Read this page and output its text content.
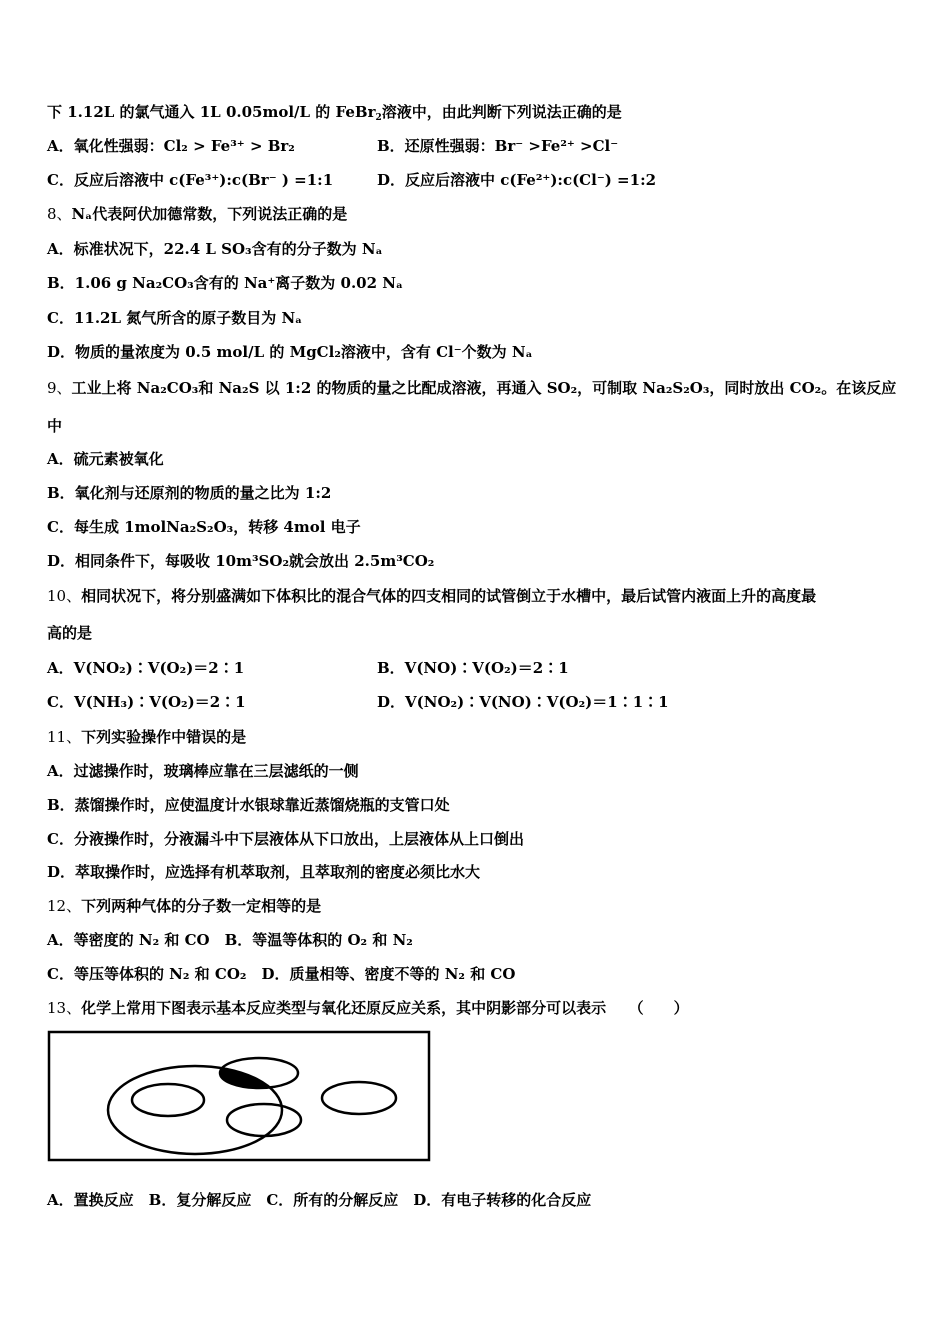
下 1.12L 的氯气通入 1L 0.05mol/L 的 FeBr$_2$溶液中，由此判断下列说法正确的是
A．氧化性强弱：Cl₂ > Fe³⁺ > Br₂	B．还原性强弱：Br⁻ >Fe²⁺ >Cl⁻
C．反应后溶液中 c(Fe³⁺):c(Br⁻ ) =1:1	D．反应后溶液中 c(Fe²⁺):c(Cl⁻) =1:2
8、Nₐ代表阿伏加德常数，下列说法正确的是
A．标准状况下，22.4 L SO₃含有的分子数为 Nₐ
B．1.06 g Na₂CO₃含有的 Na⁺离子数为 0.02 Nₐ
C．11.2L 氮气所含的原子数目为 Nₐ
D．物质的量浓度为 0.5 mol/L 的 MgCl₂溶液中，含有 Cl⁻个数为 Nₐ
9、工业上将 Na₂CO₃和 Na₂S 以 1:2 的物质的量之比配成溶液，再通入 SO₂，可制取 Na₂S₂O₃，同时放出 CO₂。在该反应
中
A．硫元素被氧化
B．氧化剂与还原剂的物质的量之比为 1:2
C．每生成 1molNa₂S₂O₃，转移 4mol 电子
D．相同条件下，每吸收 10m³SO₂就会放出 2.5m³CO₂
10、相同状况下，将分别盛满如下体积比的混合气体的四支相同的试管倒立于水槽中，最后试管内液面上升的高度最
高的是
A．V(NO₂)∶V(O₂)＝2∶1	B．V(NO)∶V(O₂)＝2∶1
C．V(NH₃)∶V(O₂)＝2∶1	D．V(NO₂)∶V(NO)∶V(O₂)＝1∶1∶1
11、下列实验操作中错误的是
A．过滤操作时，玻璃棒应靠在三层滤纸的一侧
B．蒸馏操作时，应使温度计水银球靠近蒸馏烧瓶的支管口处
C．分液操作时，分液漏斗中下层液体从下口放出，上层液体从上口倒出
D．萃取操作时，应选择有机萃取剂，且萃取剂的密度必须比水大
12、下列两种气体的分子数一定相等的是
A．等密度的 N₂ 和 CO　B．等温等体积的 O₂ 和 N₂
C．等压等体积的 N₂ 和 CO₂　D．质量相等、密度不等的 N₂ 和 CO
13、化学上常用下图表示基本反应类型与氧化还原反应关系，其中阴影部分可以表示　　（　　）
A．置换反应　B．复分解反应　C．所有的分解反应　D．有电子转移的化合反应
